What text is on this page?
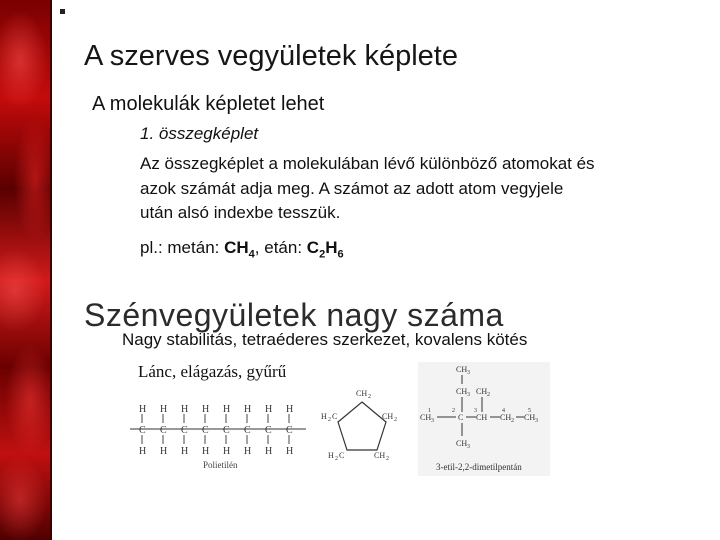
A szerves vegyületek képlete
A molekulák képletet lehet
1. összegképlet
Az összegképlet a molekulában lévő különböző atomokat és
azok számát adja meg. A számot az adott atom vegyjele
után alsó indexbe tesszük.
pl.: metán: $CH_4$, etán: $C_2H_6$
Szénvegyületek nagy száma
Nagy stabilitás, tetraéderes szerkezet, kovalens kötés
Lánc, elágazás, gyűrű
H
C
H
H
C
H
H
C
H
H
C
H
H
C
H
H
C
H
H
C
H
H
C
H
Polietilén
CH 2
H 2 C	CH 2
H 2 C	CH 2
CH 3
CH 3 CH 2
CH 3	C CH CH 2 CH 3
2	3	4	5
1
CH 3
3-etil-2,2-dimetilpentán
